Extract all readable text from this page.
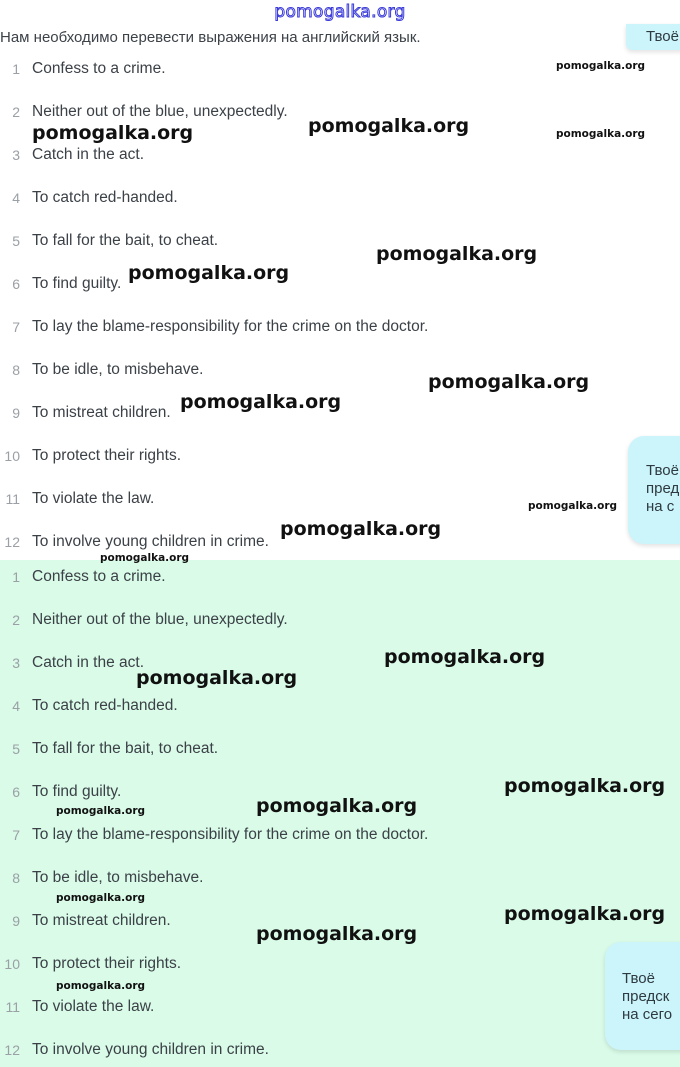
pomogalka.org
Нам необходимо перевести выражения на английский язык.	Твоё
1 Confess to a crime.
2 Neither out of the blue, unexpectedly.
3 Catch in the act.
4 To catch red-handed.
5 To fall for the bait, to cheat.
6 To find guilty.
7 To lay the blame-responsibility for the crime on the doctor.
8 To be idle, to misbehave.
9 To mistreat children.
10 To protect their rights.
11 To violate the law.
12 To involve young children in crime.
Твоё
пред
на с
1 Confess to a crime.
2 Neither out of the blue, unexpectedly.
3 Catch in the act.
4 To catch red-handed.
5 To fall for the bait, to cheat.
6 To find guilty.
7 To lay the blame-responsibility for the crime on the doctor.
8 To be idle, to misbehave.
9 To mistreat children.
10 To protect their rights.
11 To violate the law.
12 To involve young children in crime.
Твоё
предск
на сего
pomogalka.org
pomogalka.org	pomogalka.org	pomogalka.org
pomogalka.org
pomogalka.org
pomogalka.org
pomogalka.org
pomogalka.org
pomogalka.org
pomogalka.org
pomogalka.org
pomogalka.org
pomogalka.org
pomogalka.org
pomogalka.org
pomogalka.org
pomogalka.org
pomogalka.org
pomogalka.org
